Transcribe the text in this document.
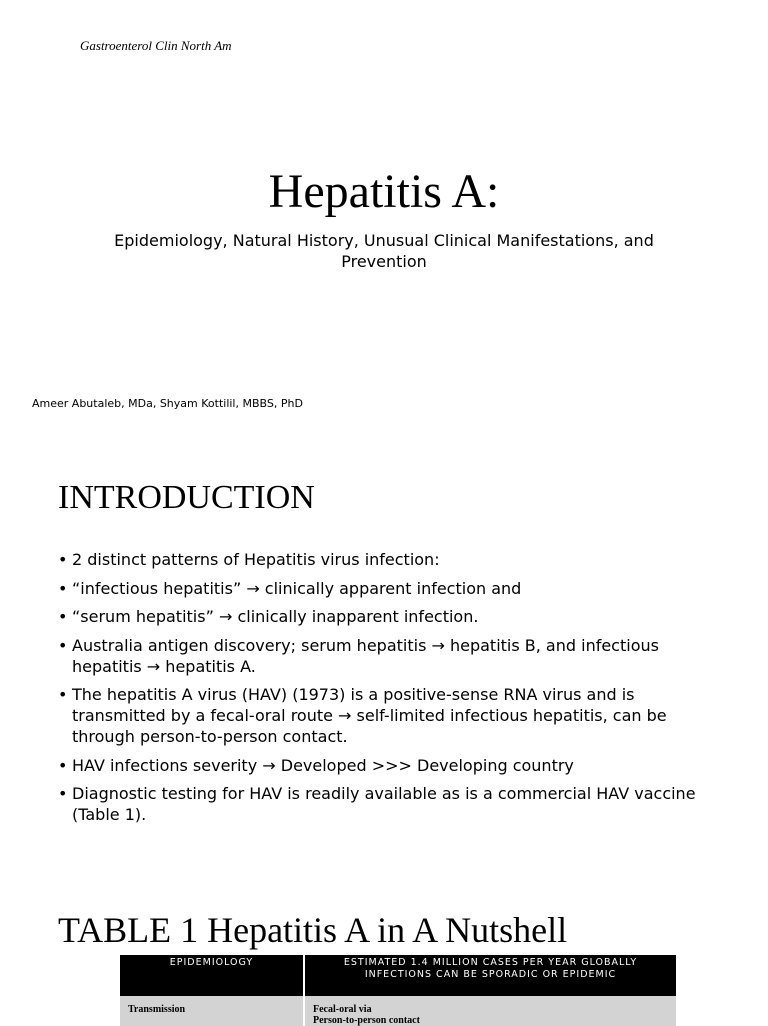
Gastroenterol Clin North Am
Hepatitis A:
Epidemiology, Natural History, Unusual Clinical Manifestations, and Prevention
Ameer Abutaleb, MDa, Shyam Kottilil, MBBS, PhD
INTRODUCTION
• 2 distinct patterns of Hepatitis virus infection:
• “infectious hepatitis” → clinically apparent infection and
• “serum hepatitis” → clinically inapparent infection.
• Australia antigen discovery; serum hepatitis → hepatitis B, and infectious hepatitis → hepatitis A.
• The hepatitis A virus (HAV) (1973) is a positive-sense RNA virus and is transmitted by a fecal-oral route → self-limited infectious hepatitis, can be through person-to-person contact.
• HAV infections severity → Developed >>> Developing country
• Diagnostic testing for HAV is readily available as is a commercial HAV vaccine (Table 1).
TABLE 1 Hepatitis A in A Nutshell
EPIDEMIOLOGY	ESTIMATED 1.4 MILLION CASES PER YEAR GLOBALLY INFECTIONS CAN BE SPORADIC OR EPIDEMIC
Transmission	Fecal-oral via
Person-to-person contact
